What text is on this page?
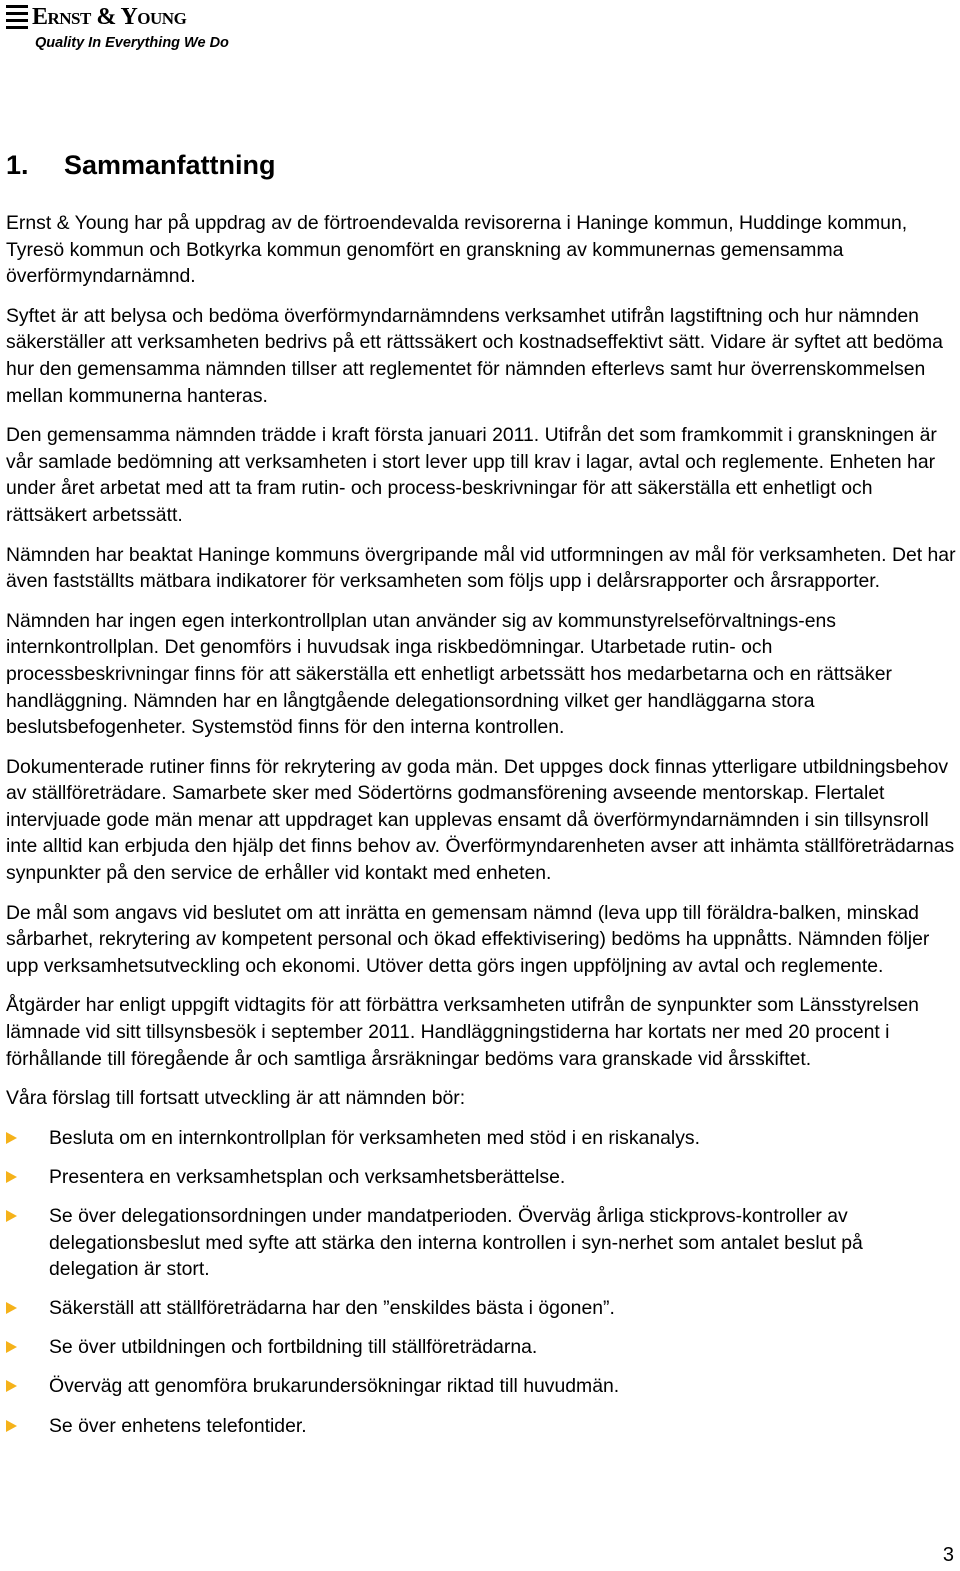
Ernst & Young
Quality In Everything We Do
1. Sammanfattning

Ernst & Young har på uppdrag av de förtroendevalda revisorerna i Haninge kommun, Huddinge kommun, Tyresö kommun och Botkyrka kommun genomfört en granskning av kommunernas gemensamma överförmyndarnämnd.

Syftet är att belysa och bedöma överförmyndarnämndens verksamhet utifrån lagstiftning och hur nämnden säkerställer att verksamheten bedrivs på ett rättssäkert och kostnadseffektivt sätt. Vidare är syftet att bedöma hur den gemensamma nämnden tillser att reglementet för nämnden efterlevs samt hur överrenskommelsen mellan kommunerna hanteras.

Den gemensamma nämnden trädde i kraft första januari 2011. Utifrån det som framkommit i granskningen är vår samlade bedömning att verksamheten i stort lever upp till krav i lagar, avtal och reglemente. Enheten har under året arbetat med att ta fram rutin- och process-beskrivningar för att säkerställa ett enhetligt och rättsäkert arbetssätt.

Nämnden har beaktat Haninge kommuns övergripande mål vid utformningen av mål för verksamheten. Det har även fastställts mätbara indikatorer för verksamheten som följs upp i delårsrapporter och årsrapporter.

Nämnden har ingen egen interkontrollplan utan använder sig av kommunstyrelseförvaltnings-ens internkontrollplan. Det genomförs i huvudsak inga riskbedömningar. Utarbetade rutin- och processbeskrivningar finns för att säkerställa ett enhetligt arbetssätt hos medarbetarna och en rättsäker handläggning. Nämnden har en långtgående delegationsordning vilket ger handläggarna stora beslutsbefogenheter. Systemstöd finns för den interna kontrollen.

Dokumenterade rutiner finns för rekrytering av goda män. Det uppges dock finnas ytterligare utbildningsbehov av ställföreträdare. Samarbete sker med Södertörns godmansförening avseende mentorskap. Flertalet intervjuade gode män menar att uppdraget kan upplevas ensamt då överförmyndarnämnden i sin tillsynsroll inte alltid kan erbjuda den hjälp det finns behov av. Överförmyndarenheten avser att inhämta ställföreträdarnas synpunkter på den service de erhåller vid kontakt med enheten.

De mål som angavs vid beslutet om att inrätta en gemensam nämnd (leva upp till föräldra-balken, minskad sårbarhet, rekrytering av kompetent personal och ökad effektivisering) bedöms ha uppnåtts. Nämnden följer upp verksamhetsutveckling och ekonomi. Utöver detta görs ingen uppföljning av avtal och reglemente.

Åtgärder har enligt uppgift vidtagits för att förbättra verksamheten utifrån de synpunkter som Länsstyrelsen lämnade vid sitt tillsynsbesök i september 2011. Handläggningstiderna har kortats ner med 20 procent i förhållande till föregående år och samtliga årsräkningar bedöms vara granskade vid årsskiftet.

Våra förslag till fortsatt utveckling är att nämnden bör:

Besluta om en internkontrollplan för verksamheten med stöd i en riskanalys.
Presentera en verksamhetsplan och verksamhetsberättelse.
Se över delegationsordningen under mandatperioden. Överväg årliga stickprovs-kontroller av delegationsbeslut med syfte att stärka den interna kontrollen i syn-nerhet som antalet beslut på delegation är stort.
Säkerställ att ställföreträdarna har den ”enskildes bästa i ögonen”.
Se över utbildningen och fortbildning till ställföreträdarna.
Överväg att genomföra brukarundersökningar riktad till huvudmän.
Se över enhetens telefontider.
3
